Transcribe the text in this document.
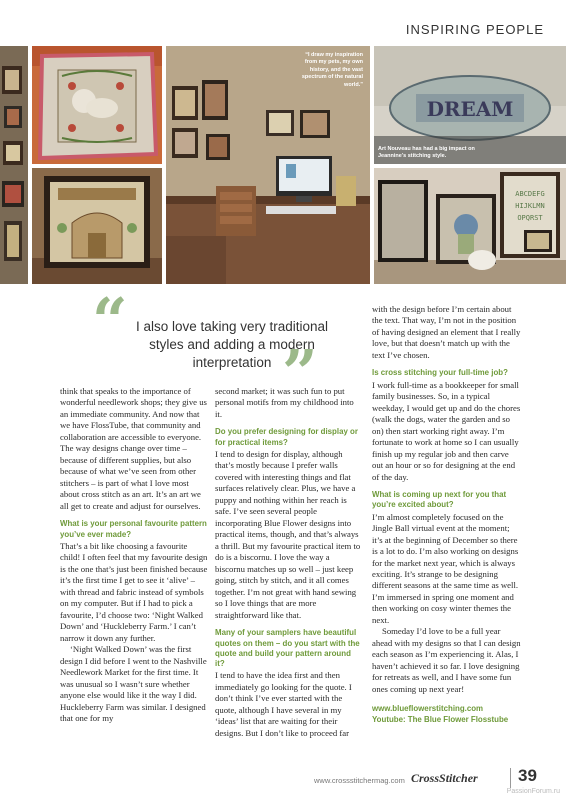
INSPIRING PEOPLE
“I draw my inspiration from my pets, my own history, and the vast spectrum of the natural world.”
DREAM
Art Nouveau has had a big impact on Jeannine’s stitching style.
ABCDEFG
HIJKLMN
OPQRST
“ I also love taking very traditional styles and adding a modern interpretation ”

think that speaks to the importance of wonderful needlework shops; they give us an immediate community. And now that we have FlossTube, that community and collaboration are accessible to everyone. The way designs change over time – because of different supplies, but also because of what we’ve seen from other stitchers – is part of what I love most about cross stitch as an art. It’s an art we all get to create and adjust for ourselves.

What is your personal favourite pattern you’ve ever made?

That’s a bit like choosing a favourite child! I often feel that my favourite design is the one that’s just been finished because it’s the first time I get to see it ‘alive’ – with thread and fabric instead of symbols on my computer. But if I had to pick a favourite, I’d choose two: ‘Night Walked Down’ and ‘Huckleberry Farm.’ I can’t narrow it down any further.

‘Night Walked Down’ was the first design I did before I went to the Nashville Needlework Market for the first time. It was unusual so I wasn’t sure whether anyone else would like it the way I did. Huckleberry Farm was similar. I designed that one for my

second market; it was such fun to put personal motifs from my childhood into it.

Do you prefer designing for display or for practical items?

I tend to design for display, although that’s mostly because I prefer walls covered with interesting things and flat surfaces relatively clear. Plus, we have a puppy and nothing within her reach is safe. I’ve seen several people incorporating Blue Flower designs into practical items, though, and that’s always a thrill. But my favourite practical item to do is a biscornu. I love the way a biscornu matches up so well – just keep going, stitch by stitch, and it all comes together. I’m not great with hand sewing so I love things that are more straightforward like that.

Many of your samplers have beautiful quotes on them – do you start with the quote and build your pattern around it?

I tend to have the idea first and then immediately go looking for the quote. I don’t think I’ve ever started with the quote, although I have several in my ‘ideas’ list that are waiting for their designs. But I don’t like to proceed far

with the design before I’m certain about the text. That way, I’m not in the position of having designed an element that I really love, but that doesn’t match up with the text I’ve chosen.

Is cross stitching your full-time job?

I work full-time as a bookkeeper for small family businesses. So, in a typical weekday, I would get up and do the chores (walk the dogs, water the garden and so on) then start working right away. I’m fortunate to work at home so I can usually finish up my regular job and then carve out an hour or so for designing at the end of the day.

What is coming up next for you that you’re excited about?

I’m almost completely focused on the Jingle Ball virtual event at the moment; it’s at the beginning of December so there is a lot to do. I’m also working on designs for the market next year, which is always exciting. It’s strange to be designing different seasons at the same time as well. I’m immersed in spring one moment and then working on cosy winter themes the next.

Someday I’d love to be a full year ahead with my designs so that I can design each season as I’m experiencing it. Alas, I haven’t achieved it so far. I love designing for retreats as well, and I have some fun ones coming up next year!

www.blueflowerstitching.com
Youtube: The Blue Flower Flosstube
www.crossstitchermag.com CrossStitcher 39
PassionForum.ru
